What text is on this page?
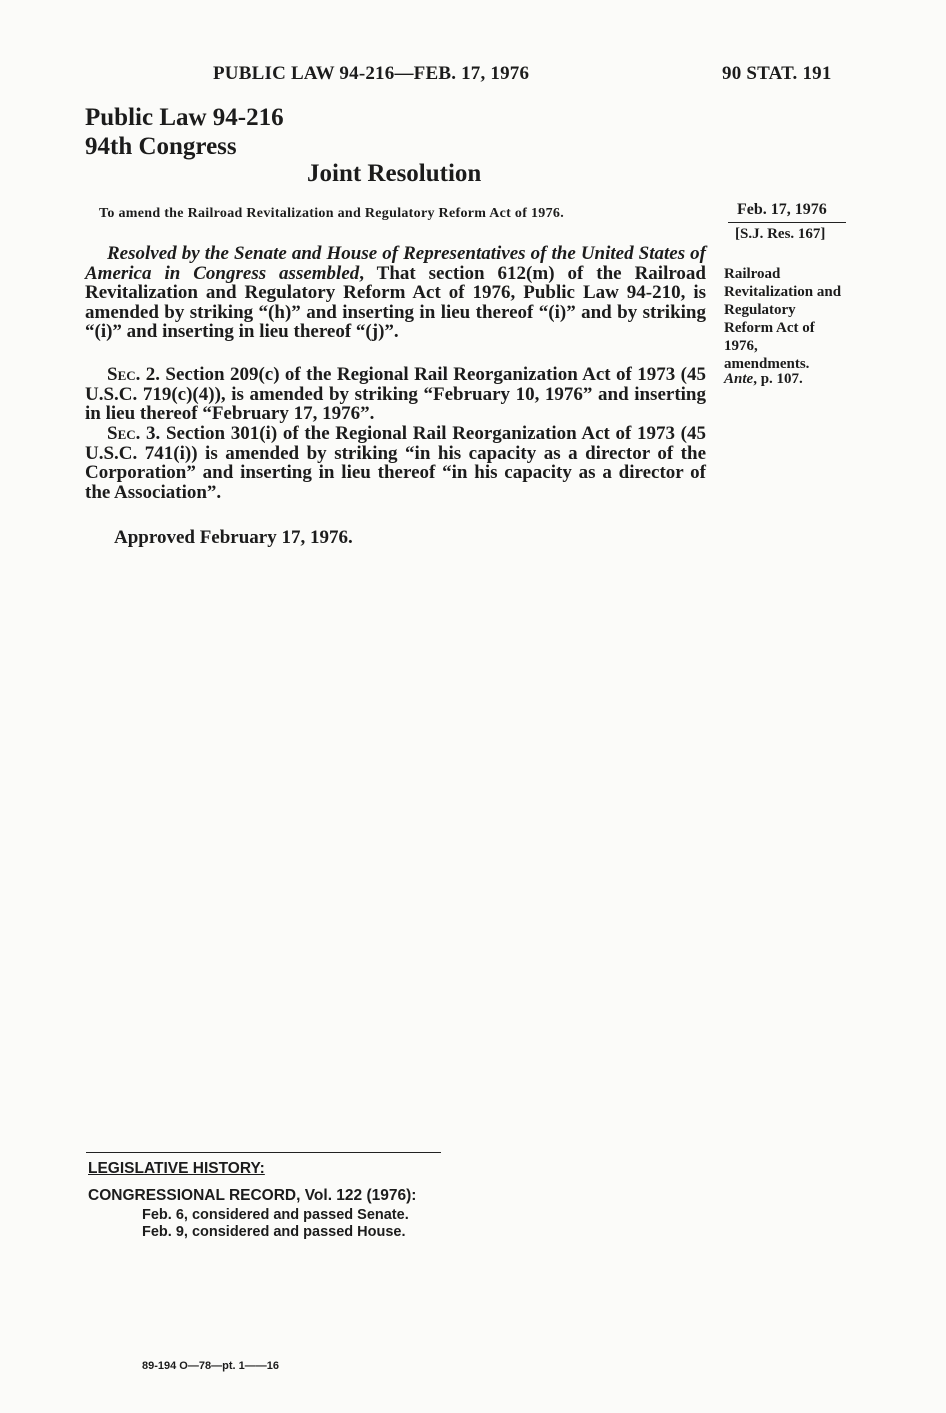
PUBLIC LAW 94-216—FEB. 17, 1976	90 STAT. 191
Public Law 94-216
94th Congress
Joint Resolution
To amend the Railroad Revitalization and Regulatory Reform Act of 1976.	Feb. 17, 1976
[S.J. Res. 167]
Railroad Revitalization and Regulatory Reform Act of 1976, amendments.
Ante, p. 107.

Resolved by the Senate and House of Representatives of the United States of America in Congress assembled, That section 612(m) of the Railroad Revitalization and Regulatory Reform Act of 1976, Public Law 94-210, is amended by striking “(h)” and inserting in lieu thereof “(i)” and by striking “(i)” and inserting in lieu thereof “(j)”.

Sec. 2. Section 209(c) of the Regional Rail Reorganization Act of 1973 (45 U.S.C. 719(c)(4)), is amended by striking “February 10, 1976” and inserting in lieu thereof “February 17, 1976”.

Sec. 3. Section 301(i) of the Regional Rail Reorganization Act of 1973 (45 U.S.C. 741(i)) is amended by striking “in his capacity as a director of the Corporation” and inserting in lieu thereof “in his capacity as a director of the Association”.

Approved February 17, 1976.
LEGISLATIVE HISTORY:
CONGRESSIONAL RECORD, Vol. 122 (1976):
Feb. 6, considered and passed Senate.
Feb. 9, considered and passed House.
89-194 O—78—pt. 1——16
